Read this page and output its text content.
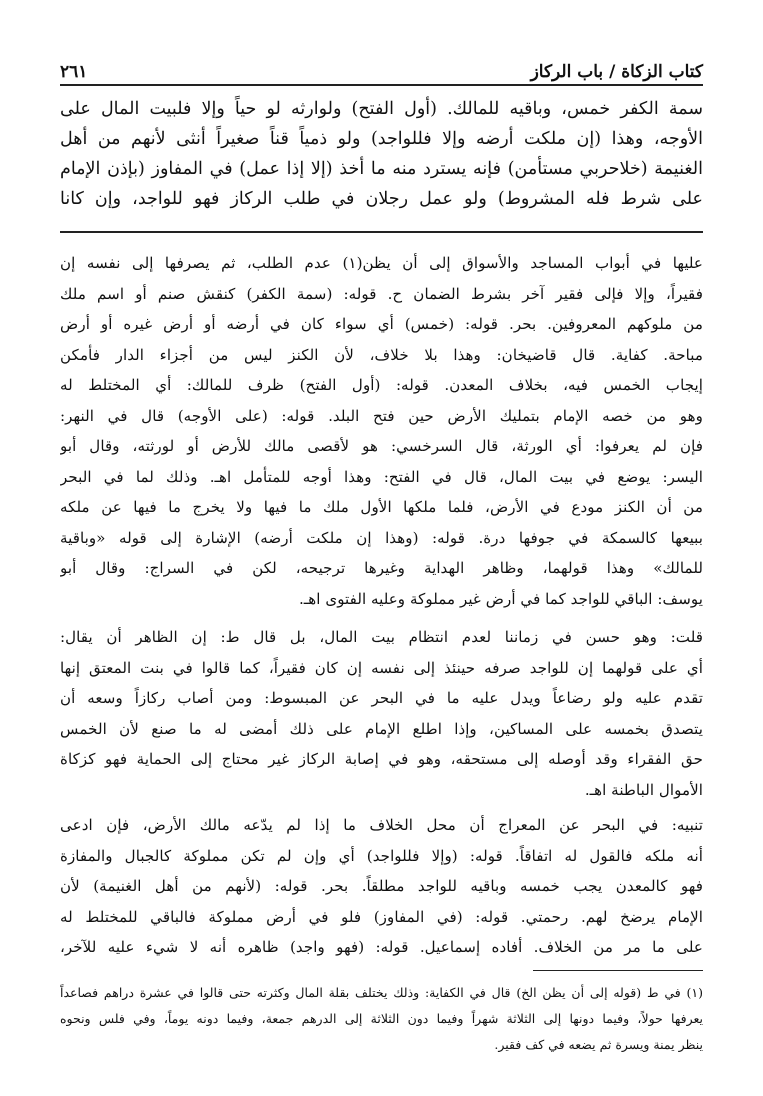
كتاب الزكاة / باب الركاز
٢٦١
سمة الكفر خمس، وباقيه للمالك. (أول الفتح) ولوارثه لو حياً وإلا فلبيت المال على
الأوجه، وهذا (إن ملكت أرضه وإلا فللواجد) ولو ذمياً قناً صغيراً أنثى لأنهم من أهل
الغنيمة (خلاحربي مستأمن) فإنه يسترد منه ما أخذ (إلا إذا عمل) في المفاوز (بإذن الإمام
على شرط فله المشروط) ولو عمل رجلان في طلب الركاز فهو للواجد، وإن كانا
عليها في أبواب المساجد والأسواق إلى أن يظن(١) عدم الطلب، ثم يصرفها إلى نفسه إن
فقيراً، وإلا فإلى فقير آخر بشرط الضمان ح. قوله: (سمة الكفر) كنقش صنم أو اسم ملك
من ملوكهم المعروفين. بحر. قوله: (خمس) أي سواء كان في أرضه أو أرض غيره أو أرض
مباحة. كفاية. قال قاضيخان: وهذا بلا خلاف، لأن الكنز ليس من أجزاء الدار فأمكن
إيجاب الخمس فيه، بخلاف المعدن. قوله: (أول الفتح) ظرف للمالك: أي المختلط له
وهو من خصه الإمام بتمليك الأرض حين فتح البلد. قوله: (على الأوجه) قال في النهر:
فإن لم يعرفوا: أي الورثة، قال السرخسي: هو لأقصى مالك للأرض أو لورثته، وقال أبو
اليسر: يوضع في بيت المال، قال في الفتح: وهذا أوجه للمتأمل اهـ. وذلك لما في البحر
من أن الكنز مودع في الأرض، فلما ملكها الأول ملك ما فيها ولا يخرج ما فيها عن ملكه
ببيعها كالسمكة في جوفها درة. قوله: (وهذا إن ملكت أرضه) الإشارة إلى قوله «وباقية
للمالك» وهذا قولهما، وظاهر الهداية وغيرها ترجيحه، لكن في السراج: وقال أبو
يوسف: الباقي للواجد كما في أرض غير مملوكة وعليه الفتوى اهـ.
قلت: وهو حسن في زماننا لعدم انتظام بيت المال، بل قال ط: إن الظاهر أن يقال:
أي على قولهما إن للواجد صرفه حينئذ إلى نفسه إن كان فقيراً، كما قالوا في بنت المعتق إنها
تقدم عليه ولو رضاعاً ويدل عليه ما في البحر عن المبسوط: ومن أصاب ركازاً وسعه أن
يتصدق بخمسه على المساكين، وإذا اطلع الإمام على ذلك أمضى له ما صنع لأن الخمس
حق الفقراء وقد أوصله إلى مستحقه، وهو في إصابة الركاز غير محتاج إلى الحماية فهو كزكاة
الأموال الباطنة اهـ.
تنبيه: في البحر عن المعراج أن محل الخلاف ما إذا لم يدّعه مالك الأرض، فإن ادعى
أنه ملكه فالقول له اتفاقاً. قوله: (وإلا فللواجد) أي وإن لم تكن مملوكة كالجبال والمفازة
فهو كالمعدن يجب خمسه وباقيه للواجد مطلقاً. بحر. قوله: (لأنهم من أهل الغنيمة) لأن
الإمام يرضخ لهم. رحمتي. قوله: (في المفاوز) فلو في أرض مملوكة فالباقي للمختلط له
على ما مر من الخلاف. أفاده إسماعيل. قوله: (فهو واجد) ظاهره أنه لا شيء عليه للآخر،
(١) في ط (قوله إلى أن يظن الخ) قال في الكفاية: وذلك يختلف بقلة المال وكثرته حتى قالوا في عشرة دراهم فصاعداً
يعرفها حولاً، وفيما دونها إلى الثلاثة شهراً وفيما دون الثلاثة إلى الدرهم جمعة، وفيما دونه يوماً، وفي فلس ونحوه
ينظر يمنة ويسرة ثم يضعه في كف فقير.
